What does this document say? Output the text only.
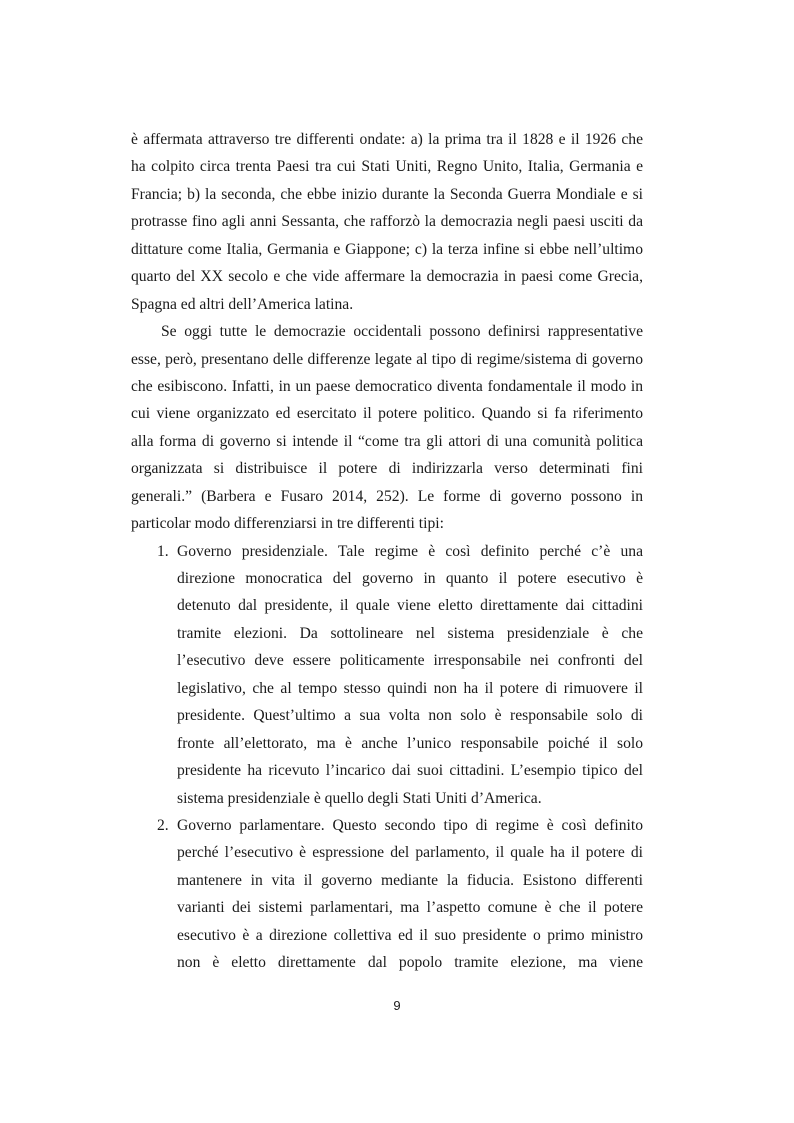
è affermata attraverso tre differenti ondate: a) la prima tra il 1828 e il 1926 che
ha colpito circa trenta Paesi tra cui Stati Uniti, Regno Unito, Italia, Germania e
Francia; b) la seconda, che ebbe inizio durante la Seconda Guerra Mondiale e si
protrasse fino agli anni Sessanta, che rafforzò la democrazia negli paesi usciti da
dittature come Italia, Germania e Giappone; c) la terza infine si ebbe nell’ultimo
quarto del XX secolo e che vide affermare la democrazia in paesi come Grecia,
Spagna ed altri dell’America latina.
Se oggi tutte le democrazie occidentali possono definirsi rappresentative
esse, però, presentano delle differenze legate al tipo di regime/sistema di governo
che esibiscono. Infatti, in un paese democratico diventa fondamentale il modo in
cui viene organizzato ed esercitato il potere politico. Quando si fa riferimento
alla forma di governo si intende il “come tra gli attori di una comunità politica
organizzata si distribuisce il potere di indirizzarla verso determinati fini
generali.” (Barbera e Fusaro 2014, 252). Le forme di governo possono in
particolar modo differenziarsi in tre differenti tipi:
1. Governo presidenziale. Tale regime è così definito perché c’è una
direzione monocratica del governo in quanto il potere esecutivo è
detenuto dal presidente, il quale viene eletto direttamente dai cittadini
tramite elezioni. Da sottolineare nel sistema presidenziale è che
l’esecutivo deve essere politicamente irresponsabile nei confronti del
legislativo, che al tempo stesso quindi non ha il potere di rimuovere il
presidente. Quest’ultimo a sua volta non solo è responsabile solo di
fronte all’elettorato, ma è anche l’unico responsabile poiché il solo
presidente ha ricevuto l’incarico dai suoi cittadini. L’esempio tipico del
sistema presidenziale è quello degli Stati Uniti d’America.
2. Governo parlamentare. Questo secondo tipo di regime è così definito
perché l’esecutivo è espressione del parlamento, il quale ha il potere di
mantenere in vita il governo mediante la fiducia. Esistono differenti
varianti dei sistemi parlamentari, ma l’aspetto comune è che il potere
esecutivo è a direzione collettiva ed il suo presidente o primo ministro
non è eletto direttamente dal popolo tramite elezione, ma viene
9
